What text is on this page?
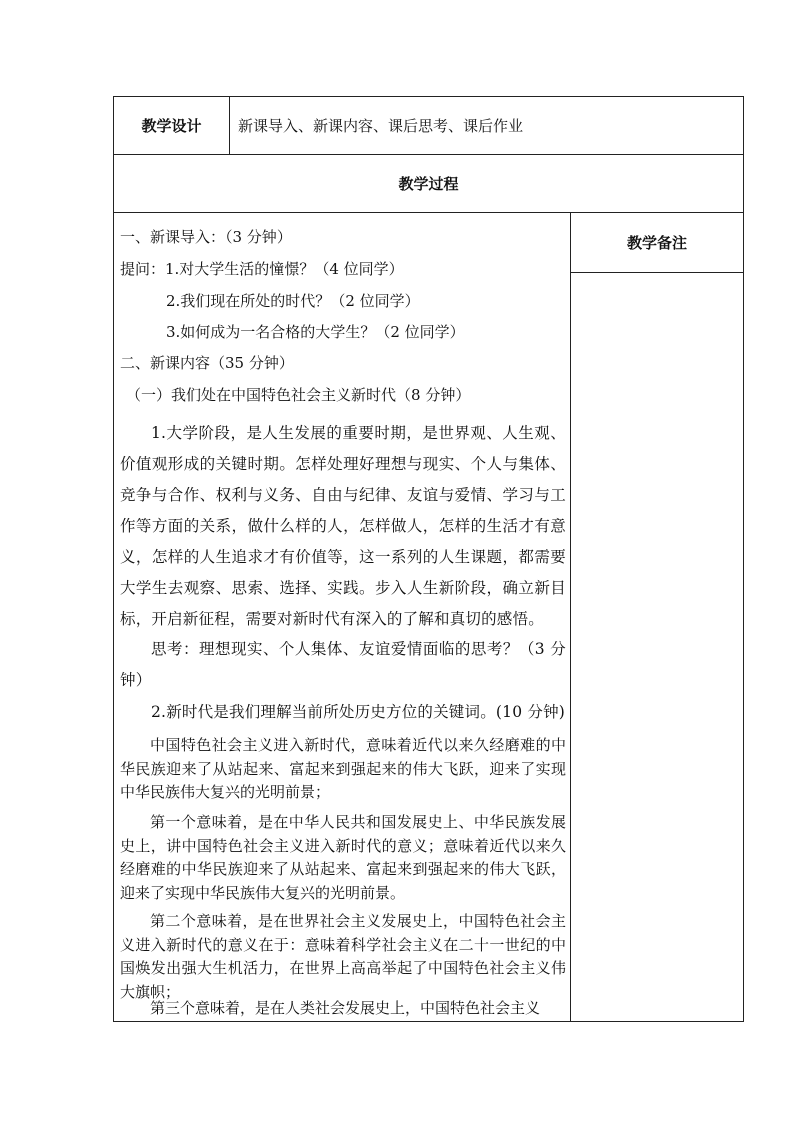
教学设计 新课导入、新课内容、课后思考、课后作业
教学过程
一、新课导入：（3 分钟）
提问：1.对大学生活的憧憬？（4 位同学）
2.我们现在所处的时代？（2 位同学）
3.如何成为一名合格的大学生？（2 位同学）
二、新课内容（35 分钟）
（一）我们处在中国特色社会主义新时代（8 分钟）
1.大学阶段，是人生发展的重要时期，是世界观、人生观、价值观形成的关键时期。怎样处理好理想与现实、个人与集体、竞争与合作、权利与义务、自由与纪律、友谊与爱情、学习与工作等方面的关系，做什么样的人，怎样做人，怎样的生活才有意义，怎样的人生追求才有价值等，这一系列的人生课题，都需要大学生去观察、思索、选择、实践。步入人生新阶段，确立新目标，开启新征程，需要对新时代有深入的了解和真切的感悟。
思考：理想现实、个人集体、友谊爱情面临的思考？（3 分钟）
2.新时代是我们理解当前所处历史方位的关键词。(10 分钟)
中国特色社会主义进入新时代，意味着近代以来久经磨难的中华民族迎来了从站起来、富起来到强起来的伟大飞跃，迎来了实现中华民族伟大复兴的光明前景；
第一个意味着，是在中华人民共和国发展史上、中华民族发展史上，讲中国特色社会主义进入新时代的意义；意味着近代以来久经磨难的中华民族迎来了从站起来、富起来到强起来的伟大飞跃，迎来了实现中华民族伟大复兴的光明前景。
第二个意味着，是在世界社会主义发展史上，中国特色社会主义进入新时代的意义在于：意味着科学社会主义在二十一世纪的中国焕发出强大生机活力，在世界上高高举起了中国特色社会主义伟大旗帜；
第三个意味着，是在人类社会发展史上，中国特色社会主义
教学备注
